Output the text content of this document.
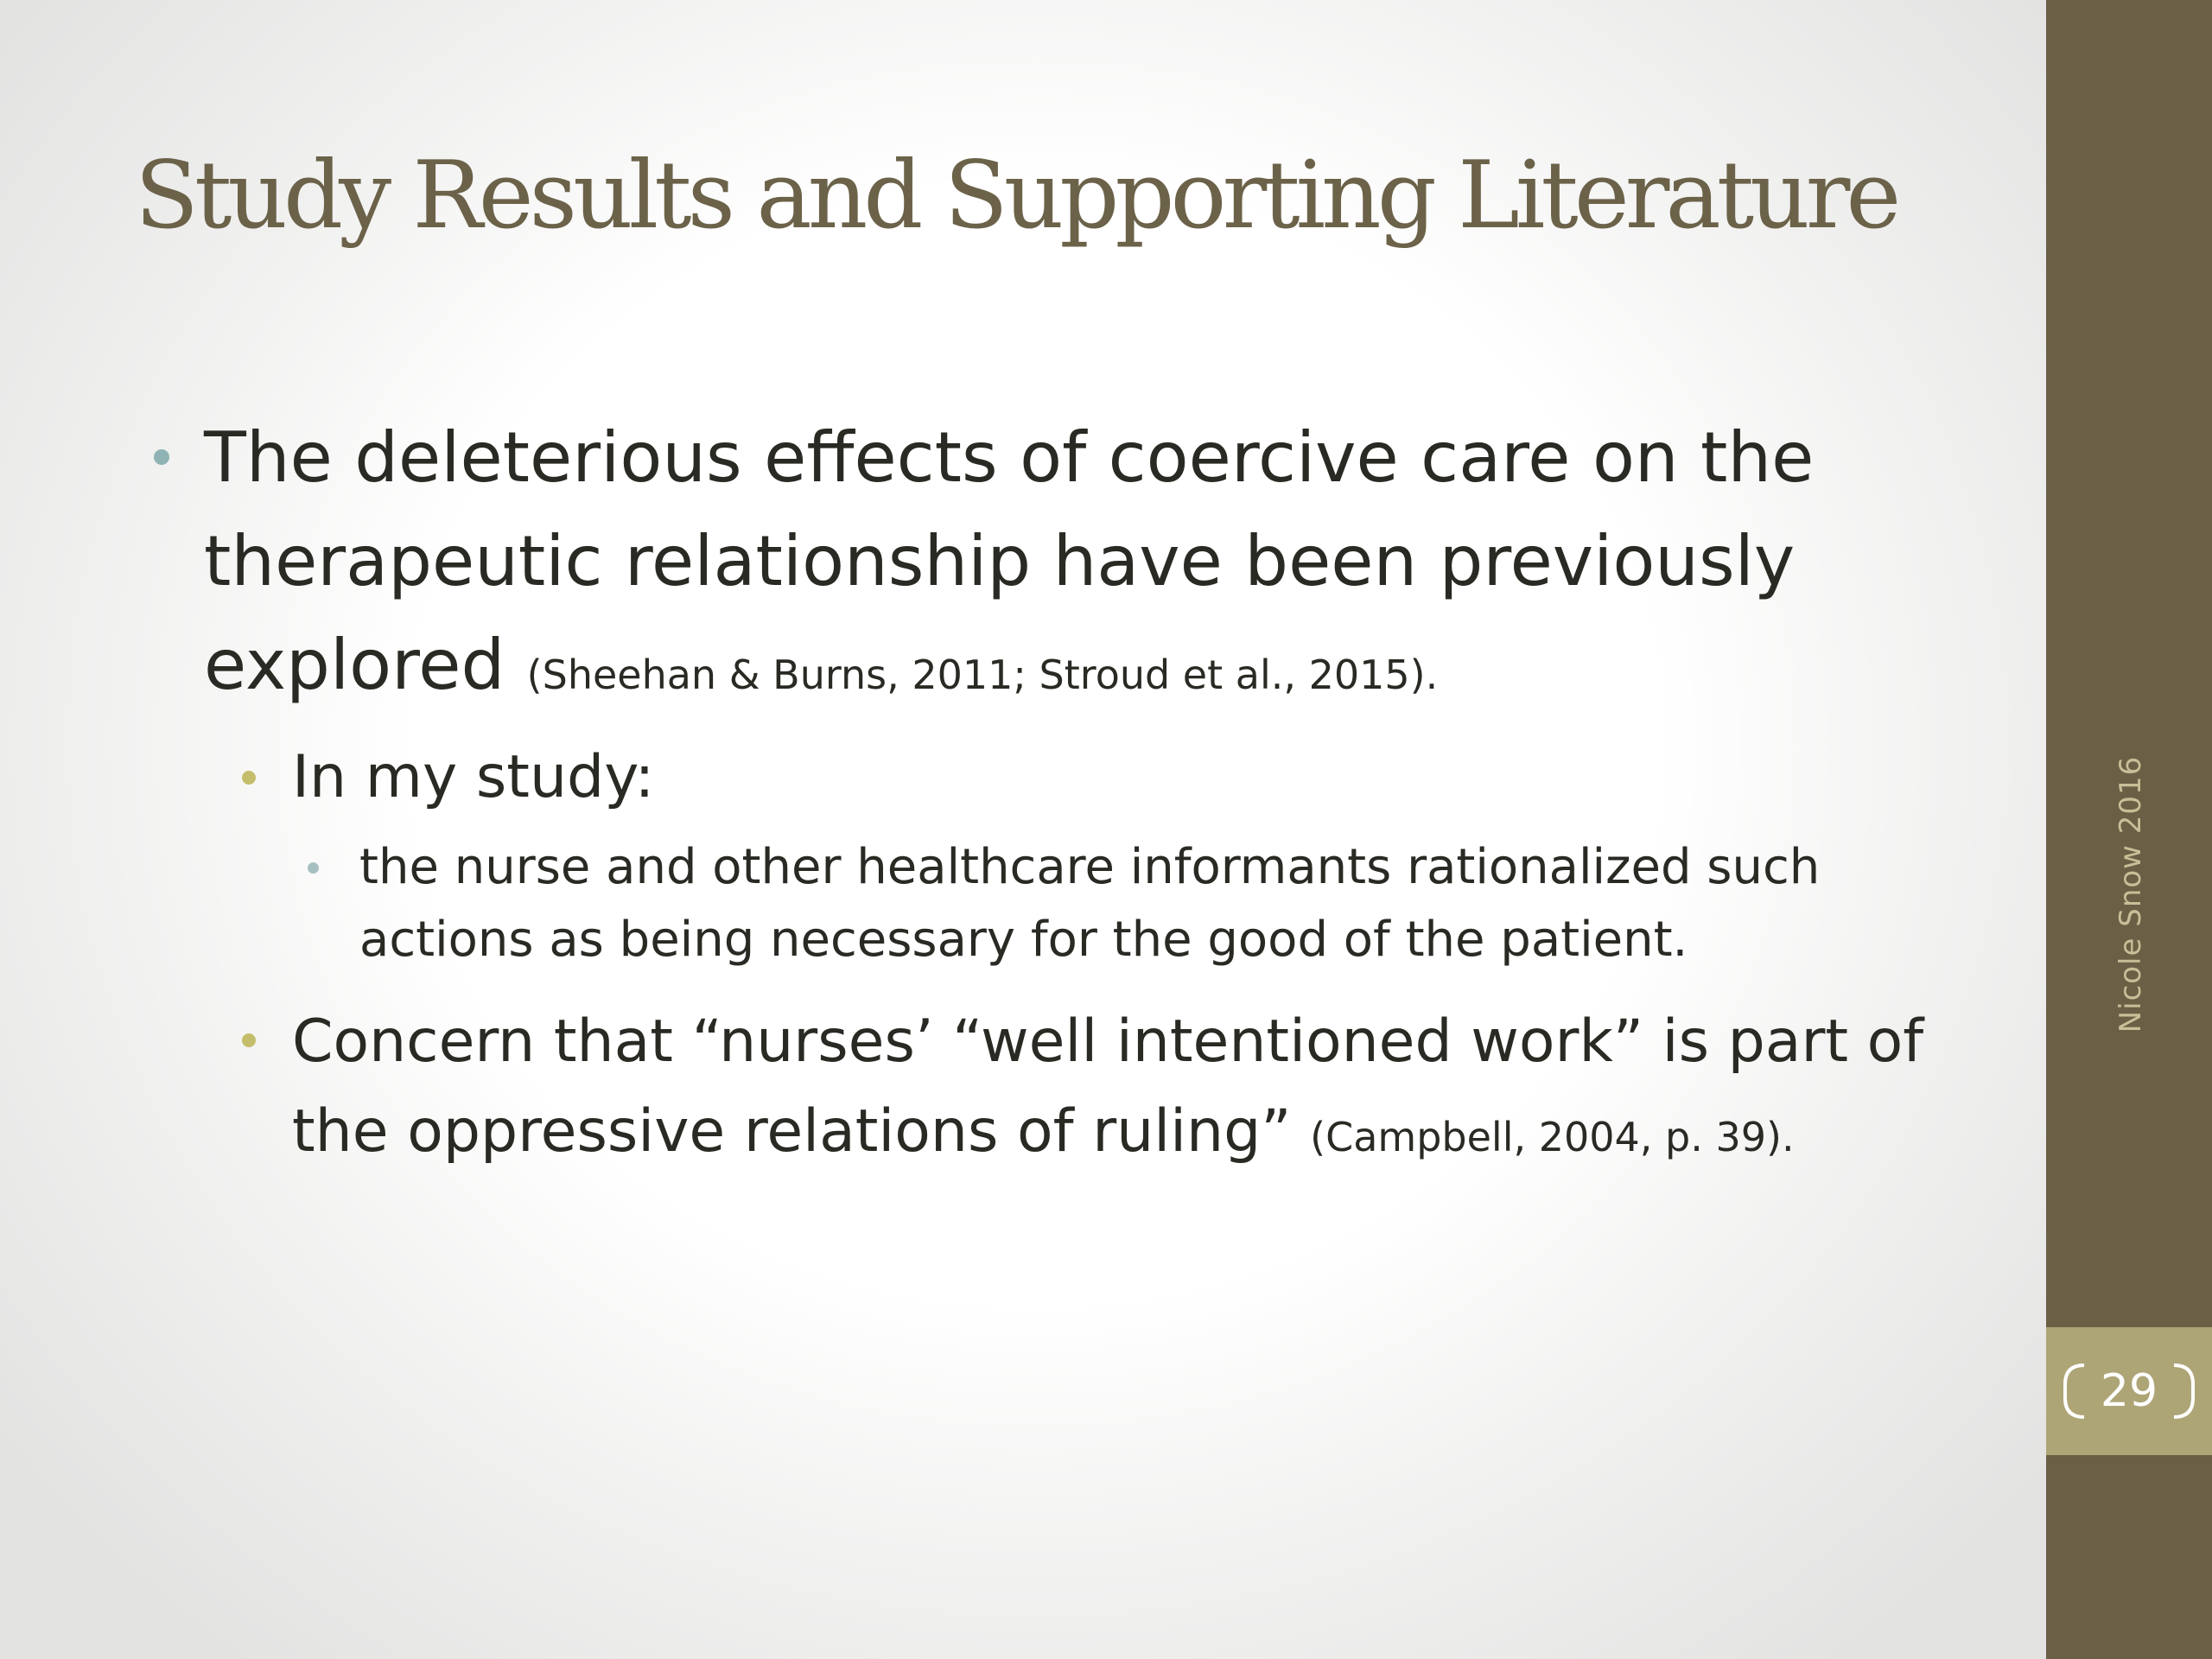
Study Results and Supporting Literature
The deleterious effects of coercive care on the therapeutic relationship have been previously explored (Sheehan & Burns, 2011; Stroud et al., 2015).
In my study:
the nurse and other healthcare informants rationalized such actions as being necessary for the good of the patient.
Concern that “nurses’ “well intentioned work” is part of the oppressive relations of ruling” (Campbell, 2004, p. 39).
Nicole Snow 2016
29
